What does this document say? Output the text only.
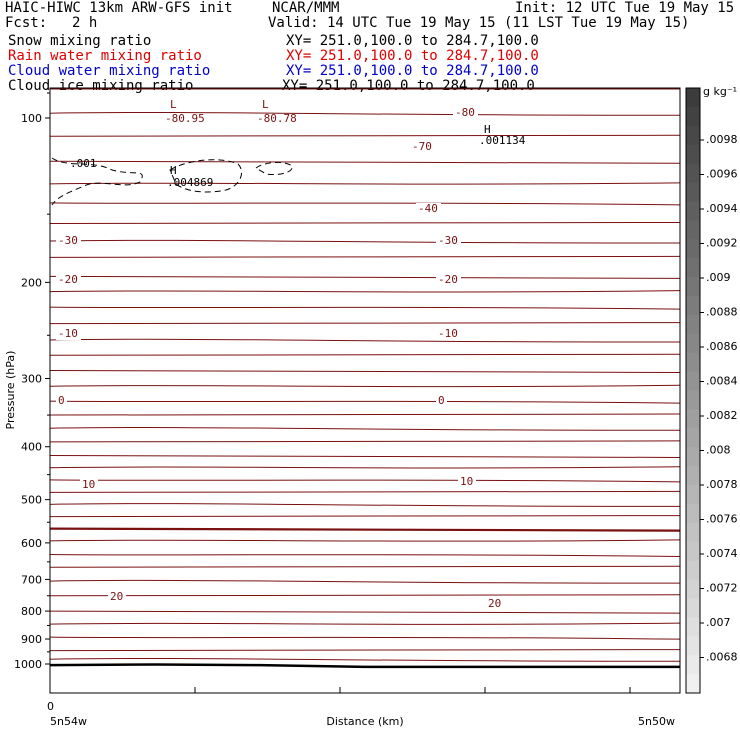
HAIC-HIWC 13km ARW-GFS init	NCAR/MMM	Init: 12 UTC Tue 19 May 15
Fcst: 2 h	Valid: 14 UTC Tue 19 May 15 (11 LST Tue 19 May 15)
Snow mixing ratio	XY= 251.0,100.0 to 284.7,100.0
Rain water mixing ratio	XY= 251.0,100.0 to 284.7,100.0
Cloud water mixing ratio	XY= 251.0,100.0 to 284.7,100.0
Cloud ice mixing ratio	XY= 251.0,100.0 to 284.7,100.0
100
200
300
400
500
600
700
800
900
1000
-80
-70
-40
-30	-30
-20	-20
-10	-10
0	0
10	10
20
20
L
-80.95
L
-80.78
H
.001134
H
.004869
.001
Pressure (hPa)
Distance (km)
5n54w	5n50w
0
.0098
.0096
.0094
.0092
.009
.0088
.0086
.0084
.0082
.008
.0078
.0076
.0074
.0072
.007
.0068
g kg⁻¹
